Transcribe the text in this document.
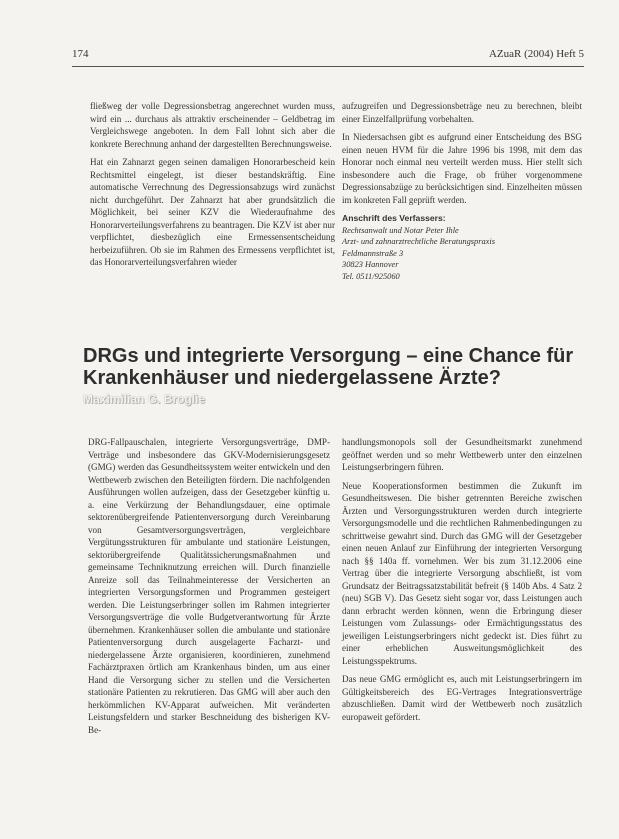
174	AZuaR (2004) Heft 5

fließweg der volle Degressionsbetrag angerechnet wurden muss, wird ein ... durchaus als attraktiv erscheinender – Geldbetrag im Vergleichswege angeboten. In dem Fall lohnt sich aber die konkrete Berechnung anhand der dargestellten Berechnungsweise.

Hat ein Zahnarzt gegen seinen damaligen Honorarbescheid kein Rechtsmittel eingelegt, ist dieser bestandskräftig. Eine automatische Verrechnung des Degressionsabzugs wird zunächst nicht durchgeführt. Der Zahnarzt hat aber grundsätzlich die Möglichkeit, bei seiner KZV die Wiederaufnahme des Honorarverteilungsverfahrens zu beantragen. Die KZV ist aber nur verpflichtet, diesbezüglich eine Ermessensentscheidung herbeizuführen. Ob sie im Rahmen des Ermessens verpflichtet ist, das Honorarverteilungsverfahren wieder

aufzugreifen und Degressionsbeträge neu zu berechnen, bleibt einer Einzelfallprüfung vorbehalten.

In Niedersachsen gibt es aufgrund einer Entscheidung des BSG einen neuen HVM für die Jahre 1996 bis 1998, mit dem das Honorar noch einmal neu verteilt werden muss. Hier stellt sich insbesondere auch die Frage, ob früher vorgenommene Degressionsabzüge zu berücksichtigen sind. Einzelheiten müssen im konkreten Fall geprüft werden.

Anschrift des Verfassers:
Rechtsanwalt und Notar Peter Ihle
Arzt- und zahnarztrechtliche Beratungspraxis
Feldmannstraße 3
30823 Hannover
Tel. 0511/925060
DRGs und integrierte Versorgung – eine Chance für Krankenhäuser und niedergelassene Ärzte?
Maximilian G. Broglie

DRG-Fallpauschalen, integrierte Versorgungsverträge, DMP-Verträge und insbesondere das GKV-Modernisierungsgesetz (GMG) werden das Gesundheitssystem weiter entwickeln und den Wettbewerb zwischen den Beteiligten fördern. Die nachfolgenden Ausführungen wollen aufzeigen, dass der Gesetzgeber künftig u. a. eine Verkürzung der Behandlungsdauer, eine optimale sektorenübergreifende Patientenversorgung durch Vereinbarung von Gesamtversorgungsverträgen, vergleichbare Vergütungsstrukturen für ambulante und stationäre Leistungen, sektorübergreifende Qualitätssicherungsmaßnahmen und gemeinsame Techniknutzung erreichen will. Durch finanzielle Anreize soll das Teilnahmeinteresse der Versicherten an integrierten Versorgungsformen und Programmen gesteigert werden. Die Leistungserbringer sollen im Rahmen integrierter Versorgungsverträge die volle Budgetverantwortung für Ärzte übernehmen. Krankenhäuser sollen die ambulante und stationäre Patientenversorgung durch ausgelagerte Facharzt- und niedergelassene Ärzte organisieren, koordinieren, zunehmend Fachärztpraxen örtlich am Krankenhaus binden, um aus einer Hand die Versorgung sicher zu stellen und die Versicherten stationäre Patienten zu rekrutieren. Das GMG will aber auch den herkömmlichen KV-Apparat aufweichen. Mit veränderten Leistungsfeldern und starker Beschneidung des bisherigen KV-Be-

handlungsmonopols soll der Gesundheitsmarkt zunehmend geöffnet werden und so mehr Wettbewerb unter den einzelnen Leistungserbringern führen.

Neue Kooperationsformen bestimmen die Zukunft im Gesundheitswesen. Die bisher getrennten Bereiche zwischen Ärzten und Versorgungsstrukturen werden durch integrierte Versorgungsmodelle und die rechtlichen Rahmenbedingungen zu schrittweise gewahrt sind. Durch das GMG will der Gesetzgeber einen neuen Anlauf zur Einführung der integrierten Versorgung nach §§ 140a ff. vornehmen. Wer bis zum 31.12.2006 eine Vertrag über die integrierte Versorgung abschließt, ist vom Grundsatz der Beitragssatzstabilität befreit (§ 140b Abs. 4 Satz 2 (neu) SGB V). Das Gesetz sieht sogar vor, dass Leistungen auch dann erbracht werden können, wenn die Erbringung dieser Leistungen vom Zulassungs- oder Ermächtigungsstatus des jeweiligen Leistungserbringers nicht gedeckt ist. Dies führt zu einer erheblichen Ausweitungsmöglichkeit des Leistungsspektrums.

Das neue GMG ermöglicht es, auch mit Leistungserbringern im Gültigkeitsbereich des EG-Vertrages Integrationsverträge abzuschließen. Damit wird der Wettbewerb noch zusätzlich europaweit gefördert.
